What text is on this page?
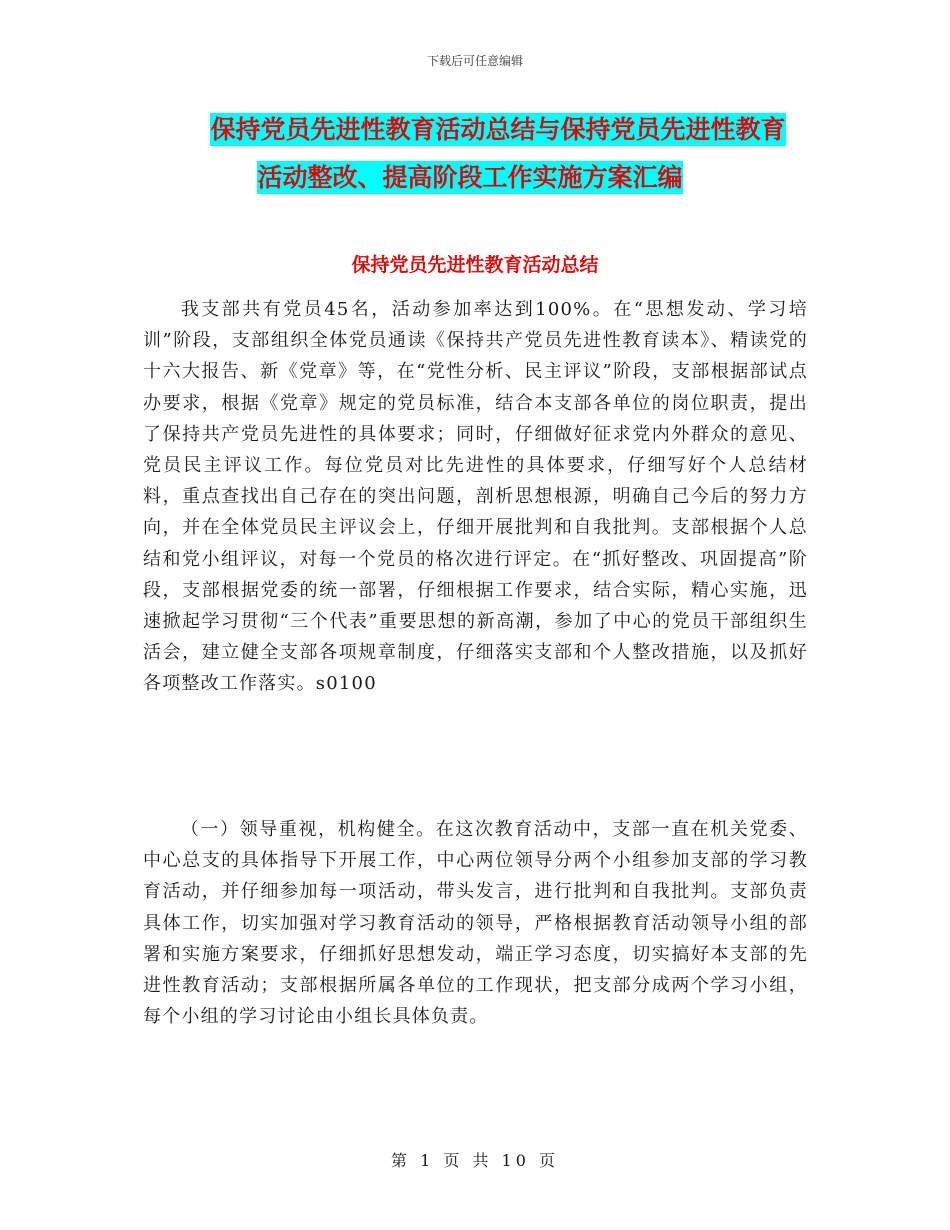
下载后可任意编辑
保持党员先进性教育活动总结与保持党员先进性教育
活动整改、提高阶段工作实施方案汇编
保持党员先进性教育活动总结

我支部共有党员45名，活动参加率达到100%。在“思想发动、学习培训”阶段，支部组织全体党员通读《保持共产党员先进性教育读本》、精读党的十六大报告、新《党章》等，在“党性分析、民主评议”阶段，支部根据部试点办要求，根据《党章》规定的党员标准，结合本支部各单位的岗位职责，提出了保持共产党员先进性的具体要求；同时，仔细做好征求党内外群众的意见、党员民主评议工作。每位党员对比先进性的具体要求，仔细写好个人总结材料，重点查找出自己存在的突出问题，剖析思想根源，明确自己今后的努力方向，并在全体党员民主评议会上，仔细开展批判和自我批判。支部根据个人总结和党小组评议，对每一个党员的格次进行评定。在“抓好整改、巩固提高”阶段，支部根据党委的统一部署，仔细根据工作要求，结合实际，精心实施，迅速掀起学习贯彻“三个代表”重要思想的新高潮，参加了中心的党员干部组织生活会，建立健全支部各项规章制度，仔细落实支部和个人整改措施，以及抓好各项整改工作落实。s0100

（一）领导重视，机构健全。在这次教育活动中，支部一直在机关党委、中心总支的具体指导下开展工作，中心两位领导分两个小组参加支部的学习教育活动，并仔细参加每一项活动，带头发言，进行批判和自我批判。支部负责具体工作，切实加强对学习教育活动的领导，严格根据教育活动领导小组的部署和实施方案要求，仔细抓好思想发动，端正学习态度，切实搞好本支部的先进性教育活动；支部根据所属各单位的工作现状，把支部分成两个学习小组，每个小组的学习讨论由小组长具体负责。

第 1 页 共 10 页
